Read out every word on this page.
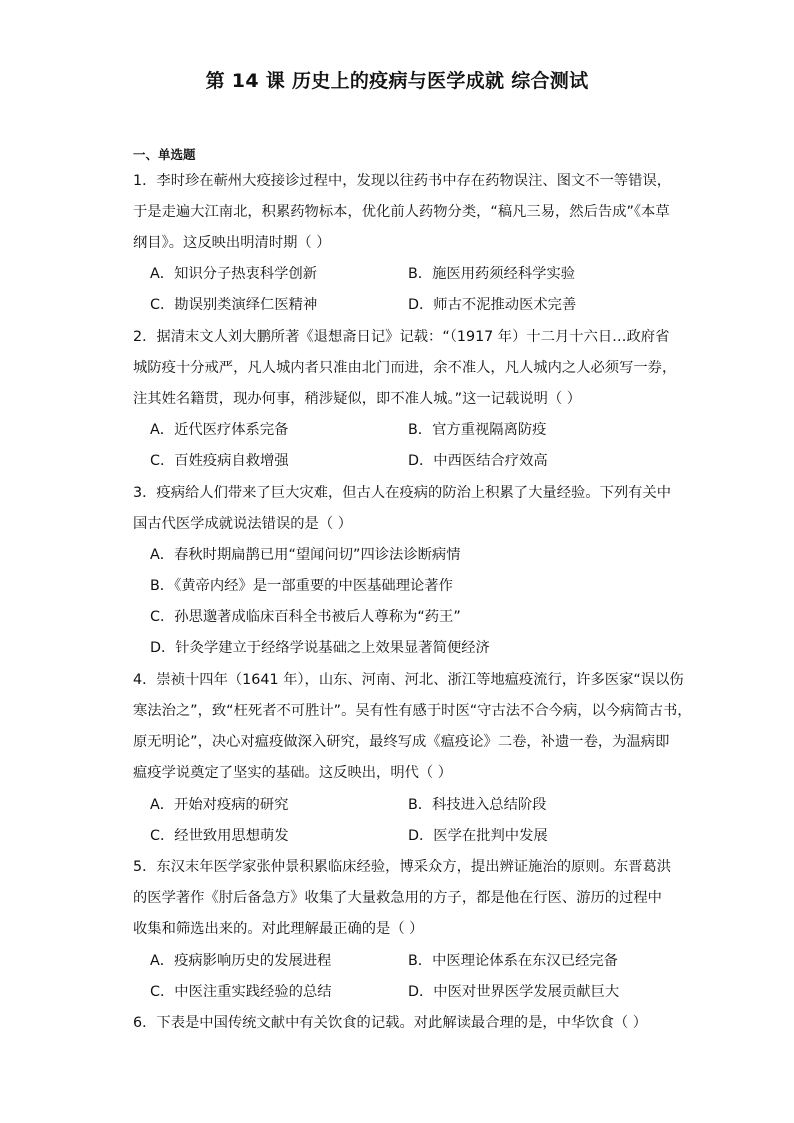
第 14 课 历史上的疫病与医学成就 综合测试
一、单选题
1．李时珍在蕲州大疫接诊过程中，发现以往药书中存在药物误注、图文不一等错误，
于是走遍大江南北，积累药物标本，优化前人药物分类，“稿凡三易，然后告成”《本草
纲目》。这反映出明清时期（ ）
A．知识分子热衷科学创新	B．施医用药须经科学实验
C．勘误别类演绎仁医精神	D．师古不泥推动医术完善
2．据清末文人刘大鹏所著《退想斋日记》记载：“（1917 年）十二月十六日…政府省
城防疫十分戒严，凡人城内者只准由北门而进，余不准人，凡人城内之人必须写一券，
注其姓名籍贯，现办何事，稍涉疑似，即不准人城。”这一记载说明（ ）
A．近代医疗体系完备	B．官方重视隔离防疫
C．百姓疫病自救增强	D．中西医结合疗效高
3．疫病给人们带来了巨大灾难，但古人在疫病的防治上积累了大量经验。下列有关中
国古代医学成就说法错误的是（ ）
A．春秋时期扁鹊已用“望闻问切”四诊法诊断病情
B．《黄帝内经》是一部重要的中医基础理论著作
C．孙思邈著成临床百科全书被后人尊称为“药王”
D．针灸学建立于经络学说基础之上效果显著简便经济
4．崇祯十四年（1641 年），山东、河南、河北、浙江等地瘟疫流行，许多医家“误以伤
寒法治之”，致“枉死者不可胜计”。吴有性有感于时医“守古法不合今病，以今病简古书，
原无明论”，决心对瘟疫做深入研究，最终写成《瘟疫论》二卷，补遗一卷，为温病即
瘟疫学说奠定了坚实的基础。这反映出，明代（ ）
A．开始对疫病的研究	B．科技进入总结阶段
C．经世致用思想萌发	D．医学在批判中发展
5．东汉末年医学家张仲景积累临床经验，博采众方，提出辨证施治的原则。东晋葛洪
的医学著作《肘后备急方》收集了大量救急用的方子，都是他在行医、游历的过程中
收集和筛选出来的。对此理解最正确的是（ ）
A．疫病影响历史的发展进程	B．中医理论体系在东汉已经完备
C．中医注重实践经验的总结	D．中医对世界医学发展贡献巨大
6．下表是中国传统文献中有关饮食的记载。对此解读最合理的是，中华饮食（ ）
